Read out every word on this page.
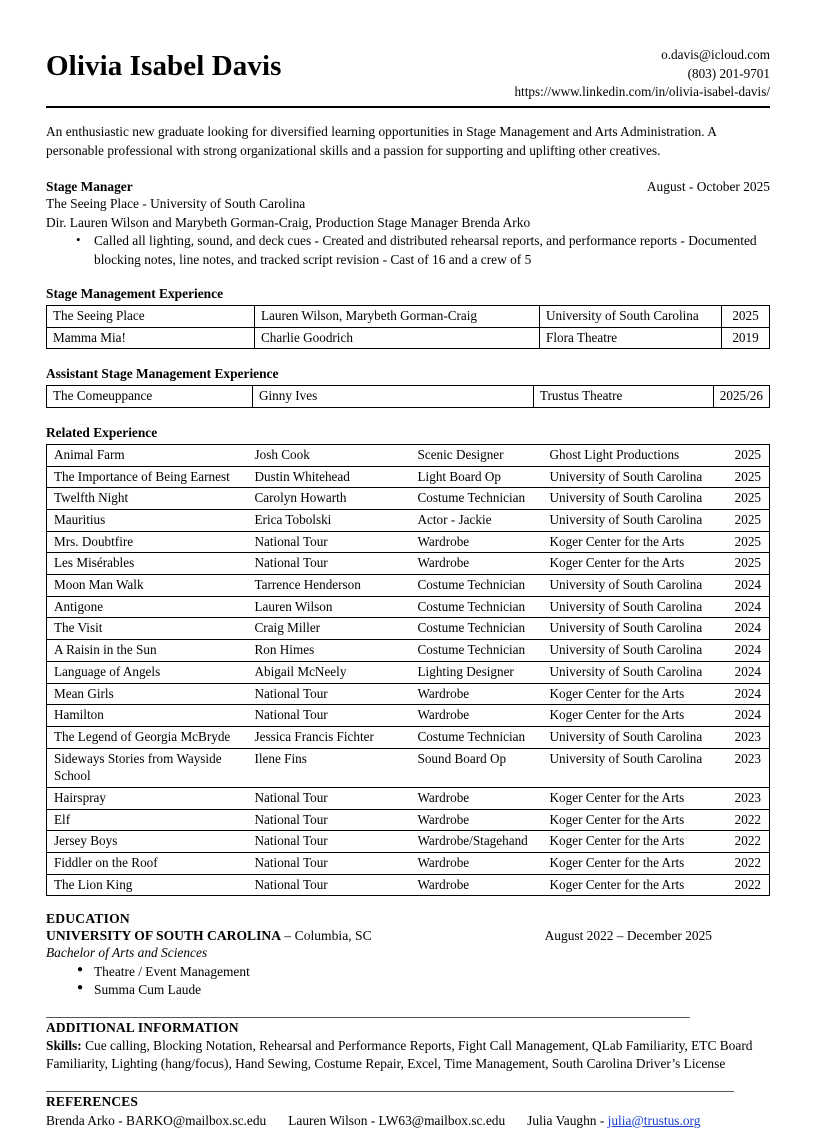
Olivia Isabel Davis	o.davis@icloud.com
(803) 201-9701
https://www.linkedin.com/in/olivia-isabel-davis/
An enthusiastic new graduate looking for diversified learning opportunities in Stage Management and Arts Administration. A personable professional with strong organizational skills and a passion for supporting and uplifting other creatives.
Stage Manager	August - October 2025
The Seeing Place - University of South Carolina
Dir. Lauren Wilson and Marybeth Gorman-Craig, Production Stage Manager Brenda Arko
• Called all lighting, sound, and deck cues - Created and distributed rehearsal reports, and performance reports - Documented blocking notes, line notes, and tracked script revision - Cast of 16 and a crew of 5
Stage Management Experience
The Seeing Place	Lauren Wilson, Marybeth Gorman-Craig	University of South Carolina	2025
Mamma Mia!	Charlie Goodrich	Flora Theatre	2019
Assistant Stage Management Experience
The Comeuppance	Ginny Ives	Trustus Theatre	2025/26
Related Experience
Animal Farm	Josh Cook	Scenic Designer	Ghost Light Productions	2025
The Importance of Being Earnest	Dustin Whitehead	Light Board Op	University of South Carolina	2025
Twelfth Night	Carolyn Howarth	Costume Technician	University of South Carolina	2025
Mauritius	Erica Tobolski	Actor - Jackie	University of South Carolina	2025
Mrs. Doubtfire	National Tour	Wardrobe	Koger Center for the Arts	2025
Les Misérables	National Tour	Wardrobe	Koger Center for the Arts	2025
Moon Man Walk	Tarrence Henderson	Costume Technician	University of South Carolina	2024
Antigone	Lauren Wilson	Costume Technician	University of South Carolina	2024
The Visit	Craig Miller	Costume Technician	University of South Carolina	2024
A Raisin in the Sun	Ron Himes	Costume Technician	University of South Carolina	2024
Language of Angels	Abigail McNeely	Lighting Designer	University of South Carolina	2024
Mean Girls	National Tour	Wardrobe	Koger Center for the Arts	2024
Hamilton	National Tour	Wardrobe	Koger Center for the Arts	2024
The Legend of Georgia McBryde	Jessica Francis Fichter	Costume Technician	University of South Carolina	2023
Sideways Stories from Wayside School	Ilene Fins	Sound Board Op	University of South Carolina	2023
Hairspray	National Tour	Wardrobe	Koger Center for the Arts	2023
Elf	National Tour	Wardrobe	Koger Center for the Arts	2022
Jersey Boys	National Tour	Wardrobe/Stagehand	Koger Center for the Arts	2022
Fiddler on the Roof	National Tour	Wardrobe	Koger Center for the Arts	2022
The Lion King	National Tour	Wardrobe	Koger Center for the Arts	2022
EDUCATION
UNIVERSITY OF SOUTH CAROLINA – Columbia, SC	August 2022 – December 2025
Bachelor of Arts and Sciences
● Theatre / Event Management
● Summa Cum Laude
ADDITIONAL INFORMATION
Skills: Cue calling, Blocking Notation, Rehearsal and Performance Reports, Fight Call Management, QLab Familiarity, ETC Board Familiarity, Lighting (hang/focus), Hand Sewing, Costume Repair, Excel, Time Management, South Carolina Driver’s License
REFERENCES
Brenda Arko - BARKO@mailbox.sc.edu Lauren Wilson - LW63@mailbox.sc.edu Julia Vaughn - julia@trustus.org
